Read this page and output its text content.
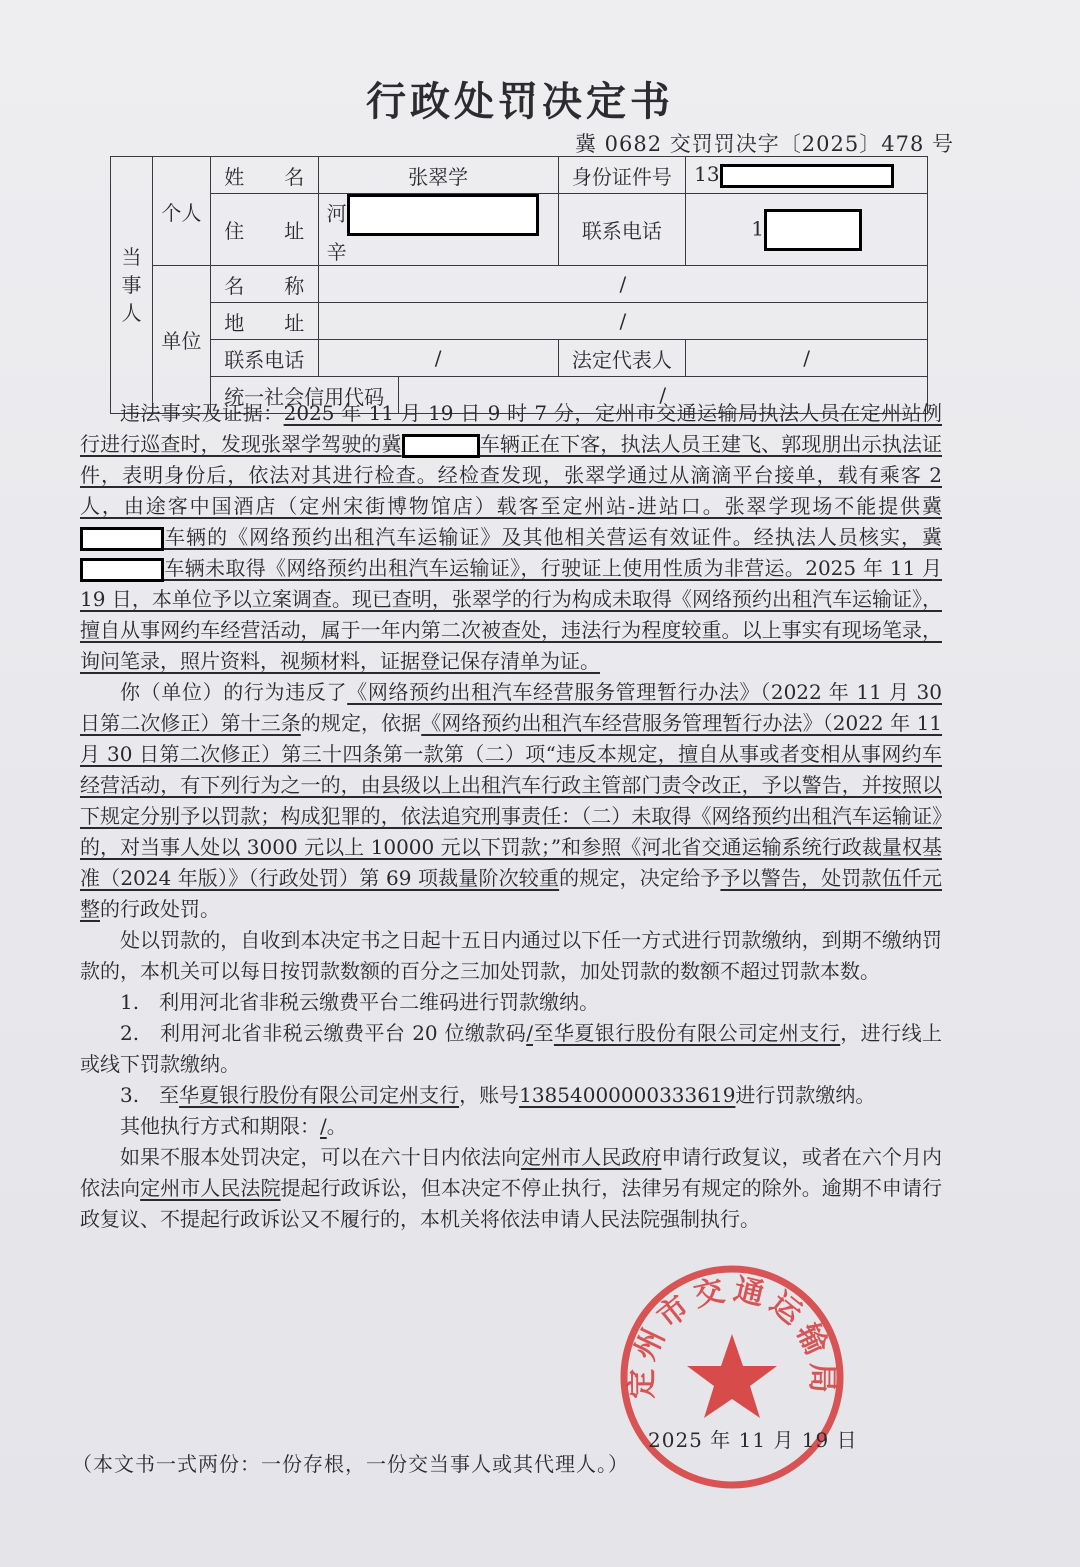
行政处罚决定书
冀 0682 交罚罚决字〔2025〕478 号
当事人	个人	姓　　名	张翠学		身份证件号	13
		住　　址	河辛		联系电话	1
	单位	名　　称	/			
		地　　址	/			
		联系电话	/		法定代表人	/
		统一社会信用代码		/		

违法事实及证据：2025 年 11 月 19 日 9 时 7 分，定州市交通运输局执法人员在定州站例行进行巡查时，发现张翠学驾驶的冀	车辆正在下客，执法人员王建飞、郭现朋出示执法证件，表明身份后，依法对其进行检查。经检查发现，张翠学通过从滴滴平台接单，载有乘客 2 人，由途客中国酒店（定州宋街博物馆店）载客至定州站-进站口。张翠学现场不能提供冀车辆的《网络预约出租汽车运输证》及其他相关营运有效证件。经执法人员核实，冀车辆未取得《网络预约出租汽车运输证》，行驶证上使用性质为非营运。2025 年 11 月 19 日，本单位予以立案调查。现已查明，张翠学的行为构成未取得《网络预约出租汽车运输证》，擅自从事网约车经营活动，属于一年内第二次被查处，违法行为程度较重。以上事实有现场笔录，询问笔录，照片资料，视频材料，证据登记保存清单为证。

你（单位）的行为违反了《网络预约出租汽车经营服务管理暂行办法》（2022 年 11 月 30 日第二次修正）第十三条的规定，依据《网络预约出租汽车经营服务管理暂行办法》（2022 年 11 月 30 日第二次修正）第三十四条第一款第（二）项“违反本规定，擅自从事或者变相从事网约车经营活动，有下列行为之一的，由县级以上出租汽车行政主管部门责令改正，予以警告，并按照以下规定分别予以罚款；构成犯罪的，依法追究刑事责任：（二）未取得《网络预约出租汽车运输证》的，对当事人处以 3000 元以上 10000 元以下罚款；”和参照《河北省交通运输系统行政裁量权基准（2024 年版）》（行政处罚）第 69 项裁量阶次较重的规定，决定给予予以警告，处罚款伍仟元整的行政处罚。

处以罚款的，自收到本决定书之日起十五日内通过以下任一方式进行罚款缴纳，到期不缴纳罚款的，本机关可以每日按罚款数额的百分之三加处罚款，加处罚款的数额不超过罚款本数。

1.　利用河北省非税云缴费平台二维码进行罚款缴纳。

2.　利用河北省非税云缴费平台 20 位缴款码/至华夏银行股份有限公司定州支行，进行线上或线下罚款缴纳。

3.　至华夏银行股份有限公司定州支行，账号13854000000333619进行罚款缴纳。

其他执行方式和期限：/。

如果不服本处罚决定，可以在六十日内依法向定州市人民政府申请行政复议，或者在六个月内依法向定州市人民法院提起行政诉讼，但本决定不停止执行，法律另有规定的除外。逾期不申请行政复议、不提起行政诉讼又不履行的，本机关将依法申请人民法院强制执行。

定州市交通运输局
2025 年 11 月 19 日
（本文书一式两份：一份存根，一份交当事人或其代理人。）
